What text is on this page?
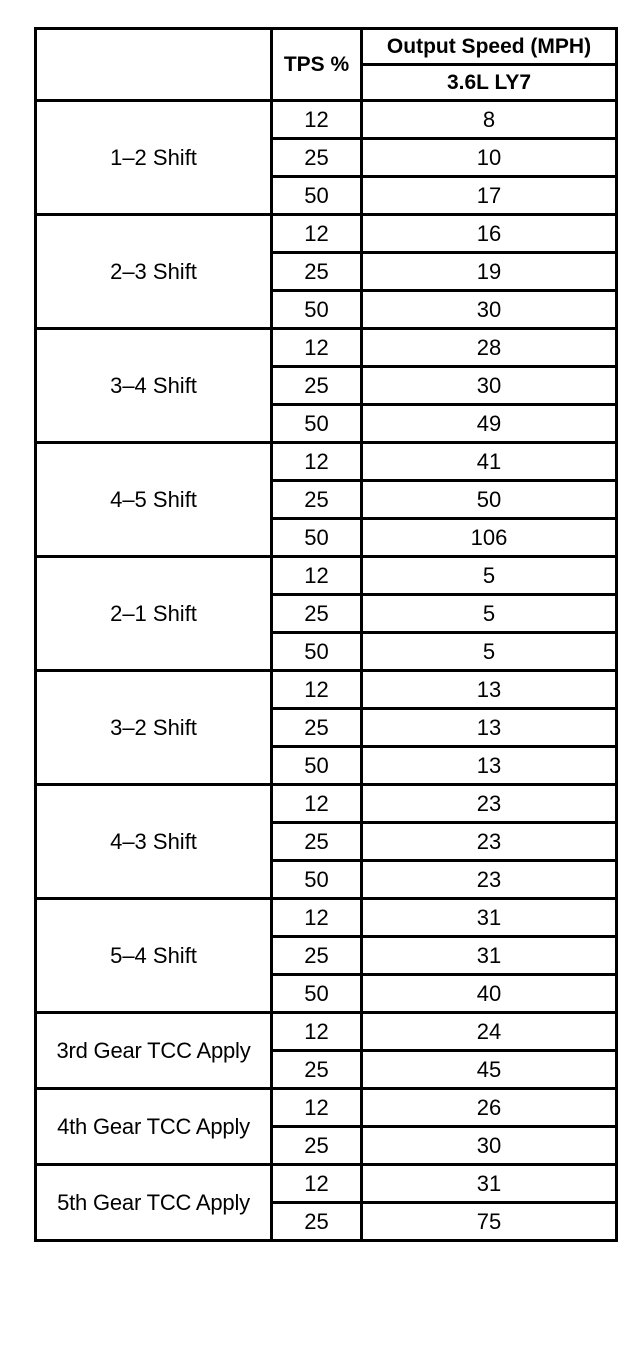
	TPS %	Output Speed (MPH)
		3.6L LY7
1–2 Shift	12	8
	25	10
	50	17
2–3 Shift	12	16
	25	19
	50	30
3–4 Shift	12	28
	25	30
	50	49
4–5 Shift	12	41
	25	50
	50	106
2–1 Shift	12	5
	25	5
	50	5
3–2 Shift	12	13
	25	13
	50	13
4–3 Shift	12	23
	25	23
	50	23
5–4 Shift	12	31
	25	31
	50	40
3rd Gear TCC Apply	12	24
	25	45
4th Gear TCC Apply	12	26
	25	30
5th Gear TCC Apply	12	31
	25	75
